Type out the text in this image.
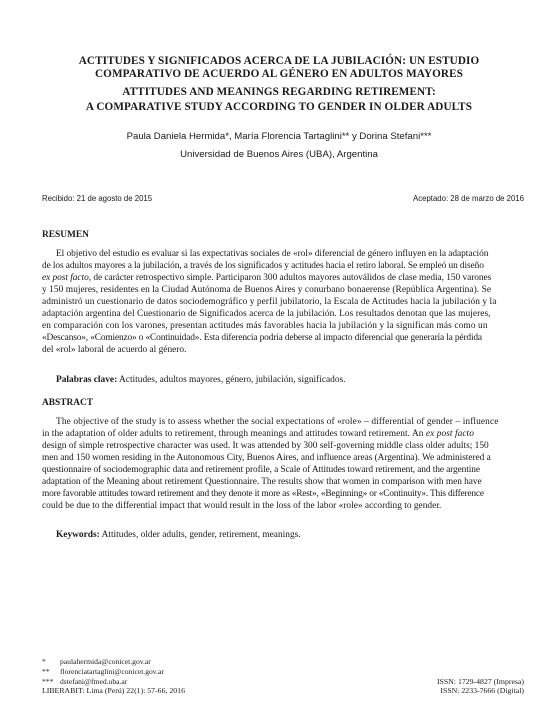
ACTITUDES Y SIGNIFICADOS ACERCA DE LA JUBILACIÓN: UN ESTUDIO
COMPARATIVO DE ACUERDO AL GÉNERO EN ADULTOS MAYORES
ATTITUDES AND MEANINGS REGARDING RETIREMENT:
A COMPARATIVE STUDY ACCORDING TO GENDER IN OLDER ADULTS
Paula Daniela Hermida*, María Florencia Tartaglini** y Dorina Stefani***
Universidad de Buenos Aires (UBA), Argentina
Recibido: 21 de agosto de 2015	Aceptado: 28 de marzo de 2016
RESUMEN
El objetivo del estudio es evaluar si las expectativas sociales de «rol» diferencial de género influyen en la adaptación
de los adultos mayores a la jubilación, a través de los significados y actitudes hacia el retiro laboral. Se empleó un diseño
ex post facto, de carácter retrospectivo simple. Participaron 300 adultos mayores autoválidos de clase media, 150 varones
y 150 mujeres, residentes en la Ciudad Autónoma de Buenos Aires y conurbano bonaerense (República Argentina). Se
administró un cuestionario de datos sociodemográfico y perfil jubilatorio, la Escala de Actitudes hacia la jubilación y la
adaptación argentina del Cuestionario de Significados acerca de la jubilación. Los resultados denotan que las mujeres,
en comparación con los varones, presentan actitudes más favorables hacia la jubilación y la significan más como un
«Descanso», «Comienzo» o «Continuidad». Esta diferencia podría deberse al impacto diferencial que generaría la pérdida
del «rol» laboral de acuerdo al género.
Palabras clave: Actitudes, adultos mayores, género, jubilación, significados.
ABSTRACT
The objective of the study is to assess whether the social expectations of «role» – differential of gender – influence
in the adaptation of older adults to retirement, through meanings and attitudes toward retirement. An ex post facto
design of simple retrospective character was used. It was attended by 300 self-governing middle class older adults; 150
men and 150 women residing in the Autonomous City, Buenos Aires, and influence areas (Argentina). We administered a
questionnaire of sociodemographic data and retirement profile, a Scale of Attitudes toward retirement, and the argentine
adaptation of the Meaning about retirement Questionnaire. The results show that women in comparison with men have
more favorable attitudes toward retirement and they denote it more as «Rest», «Beginning» or «Continuity». This difference
could be due to the differential impact that would result in the loss of the labor «role» according to gender.
Keywords: Attitudes, older adults, gender, retirement, meanings.
* paulahermida@conicet.gov.ar
** florenciatartaglini@conicet.gov.ar
*** dstefani@fmed.uba.ar
LIBERABIT: Lima (Perú) 22(1): 57-66, 2016
ISSN: 1729-4827 (Impresa)
ISSN: 2233-7666 (Digital)
